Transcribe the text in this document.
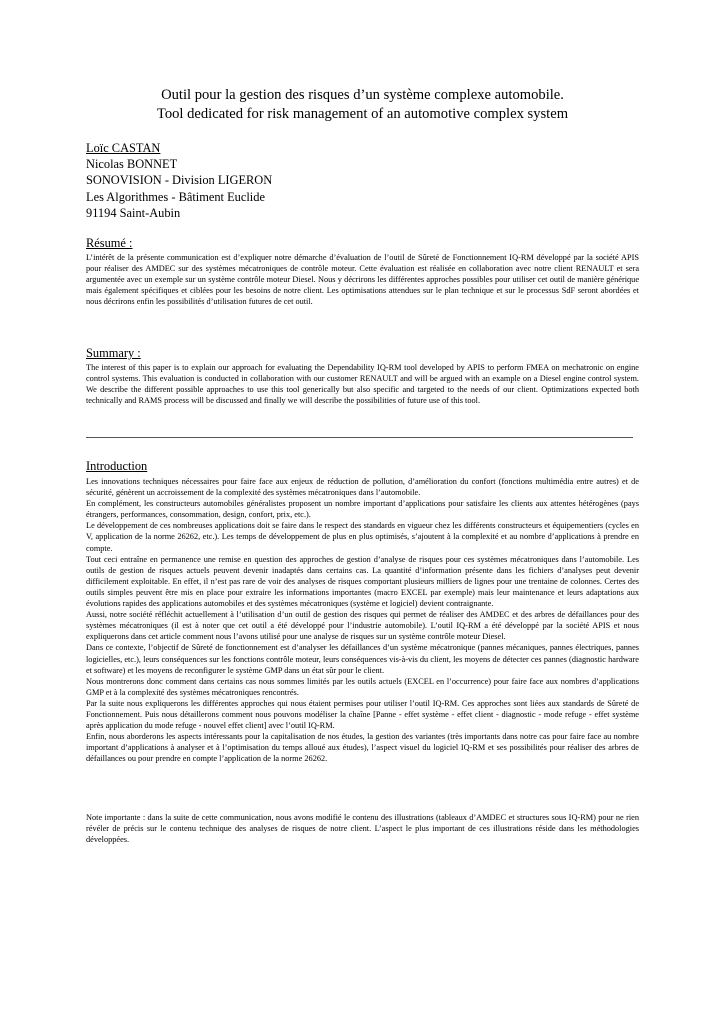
Outil pour la gestion des risques d’un système complexe automobile.
Tool dedicated for risk management of an automotive complex system
Loïc CASTAN
Nicolas BONNET
SONOVISION - Division LIGERON
Les Algorithmes - Bâtiment Euclide
91194 Saint-Aubin
Résumé :

L’intérêt de la présente communication est d’expliquer notre démarche d’évaluation de l’outil de Sûreté de Fonctionnement IQ-RM développé par la société APIS pour réaliser des AMDEC sur des systèmes mécatroniques de contrôle moteur. Cette évaluation est réalisée en collaboration avec notre client RENAULT et sera argumentée avec un exemple sur un système contrôle moteur Diesel. Nous y décrirons les différentes approches possibles pour utiliser cet outil de manière générique mais également spécifiques et ciblées pour les besoins de notre client. Les optimisations attendues sur le plan technique et sur le processus SdF seront abordées et nous décrirons enfin les possibilités d’utilisation futures de cet outil.

Summary :

The interest of this paper is to explain our approach for evaluating the Dependability IQ-RM tool developed by APIS to perform FMEA on mechatronic on engine control systems. This evaluation is conducted in collaboration with our customer RENAULT and will be argued with an example on a Diesel engine control system. We describe the different possible approaches to use this tool generically but also specific and targeted to the needs of our client. Optimizations expected both technically and RAMS process will be discussed and finally we will describe the possibilities of future use of this tool.

Introduction

Les innovations techniques nécessaires pour faire face aux enjeux de réduction de pollution, d’amélioration du confort (fonctions multimédia entre autres) et de sécurité, génèrent un accroissement de la complexité des systèmes mécatroniques dans l’automobile.

En complément, les constructeurs automobiles généralistes proposent un nombre important d’applications pour satisfaire les clients aux attentes hétérogènes (pays étrangers, performances, consommation, design, confort, prix, etc.).

Le développement de ces nombreuses applications doit se faire dans le respect des standards en vigueur chez les différents constructeurs et équipementiers (cycles en V, application de la norme 26262, etc.). Les temps de développement de plus en plus optimisés, s’ajoutent à la complexité et au nombre d’applications à prendre en compte.

Tout ceci entraîne en permanence une remise en question des approches de gestion d’analyse de risques pour ces systèmes mécatroniques dans l’automobile. Les outils de gestion de risques actuels peuvent devenir inadaptés dans certains cas. La quantité d’information présente dans les fichiers d’analyses peut devenir difficilement exploitable. En effet, il n’est pas rare de voir des analyses de risques comportant plusieurs milliers de lignes pour une trentaine de colonnes. Certes des outils simples peuvent être mis en place pour extraire les informations importantes (macro EXCEL par exemple) mais leur maintenance et leurs adaptations aux évolutions rapides des applications automobiles et des systèmes mécatroniques (système et logiciel) devient contraignante.

Aussi, notre société réfléchit actuellement à l’utilisation d’un outil de gestion des risques qui permet de réaliser des AMDEC et des arbres de défaillances pour des systèmes mécatroniques (il est à noter que cet outil a été développé pour l’industrie automobile). L’outil IQ-RM a été développé par la société APIS et nous expliquerons dans cet article comment nous l’avons utilisé pour une analyse de risques sur un système contrôle moteur Diesel.

Dans ce contexte, l’objectif de Sûreté de fonctionnement est d’analyser les défaillances d’un système mécatronique (pannes mécaniques, pannes électriques, pannes logicielles, etc.), leurs conséquences sur les fonctions contrôle moteur, leurs conséquences vis-à-vis du client, les moyens de détecter ces pannes (diagnostic hardware et software) et les moyens de reconfigurer le système GMP dans un état sûr pour le client.

Nous montrerons donc comment dans certains cas nous sommes limités par les outils actuels (EXCEL en l’occurrence) pour faire face aux nombres d’applications GMP et à la complexité des systèmes mécatroniques rencontrés.

Par la suite nous expliquerons les différentes approches qui nous étaient permises pour utiliser l’outil IQ-RM. Ces approches sont liées aux standards de Sûreté de Fonctionnement. Puis nous détaillerons comment nous pouvons modéliser la chaîne [Panne - effet système - effet client - diagnostic - mode refuge - effet système après application du mode refuge - nouvel effet client] avec l’outil IQ-RM.

Enfin, nous aborderons les aspects intéressants pour la capitalisation de nos études, la gestion des variantes (très importants dans notre cas pour faire face au nombre important d’applications à analyser et à l’optimisation du temps alloué aux études), l’aspect visuel du logiciel IQ-RM et ses possibilités pour réaliser des arbres de défaillances ou pour prendre en compte l’application de la norme 26262.

Note importante : dans la suite de cette communication, nous avons modifié le contenu des illustrations (tableaux d’AMDEC et structures sous IQ-RM) pour ne rien révéler de précis sur le contenu technique des analyses de risques de notre client. L’aspect le plus important de ces illustrations réside dans les méthodologies développées.
